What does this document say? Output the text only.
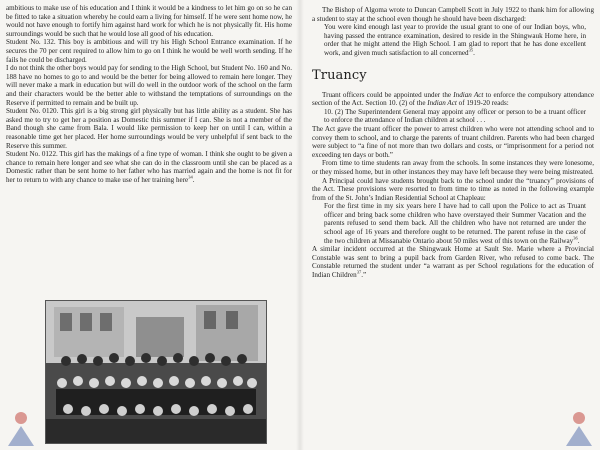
ambitious to make use of his education and I think it would be a kindness to let him go on so he can be fitted to take a situation whereby he could earn a living for himself. If he were sent home now, he would not have enough to fortify him against hard work for which he is not physically fit. His home surroundings would be such that he would lose all good of his education.

Student No. 132. This boy is ambitious and will try his High School Entrance examination. If he secures the 70 per cent required to allow him to go on I think he would be well worth sending. If he fails he could be discharged.

I do not think the other boys would pay for sending to the High School, but Student No. 160 and No. 188 have no homes to go to and would be the better for being allowed to remain here longer. They will never make a mark in education but will do well in the outdoor work of the school on the farm and their characters would be the better able to withstand the temptations of surroundings on the Reserve if permitted to remain and be built up.

Student No. 0120. This girl is a big strong girl physically but has little ability as a student. She has asked me to try to get her a position as Domestic this summer if I can. She is not a member of the Band though she came from Bala. I would like permission to keep her on until I can, within a reasonable time get her placed. Her home surroundings would be very unhelpful if sent back to the Reserve this summer.

Student No. 0122. This girl has the makings of a fine type of woman. I think she ought to be given a chance to remain here longer and see what she can do in the classroom until she can be placed as a Domestic rather than be sent home to her father who has married again and the home is not fit for her to return to with any chance to make use of her training here$^{34}$.

The Bishop of Algoma wrote to Duncan Campbell Scott in July 1922 to thank him for allowing a student to stay at the school even though he should have been discharged:

You were kind enough last year to provide the usual grant to one of our Indian boys, who, having passed the entrance examination, desired to reside in the Shingwauk Home here, in order that he might attend the High School. I am glad to report that he has done excellent work, and given much satisfaction to all concerned$^{35}$.

Truancy

Truant officers could be appointed under the Indian Act to enforce the compulsory attendance section of the Act. Section 10. (2) of the Indian Act of 1919-20 reads:

10. (2) The Superintendent General may appoint any officer or person to be a truant officer to enforce the attendance of Indian children at school . . .

The Act gave the truant officer the power to arrest children who were not attending school and to convey them to school, and to charge the parents of truant children. Parents who had been charged were subject to “a fine of not more than two dollars and costs, or “imprisonment for a period not exceeding ten days or both.”

From time to time students ran away from the schools. In some instances they were lonesome, or they missed home, but in other instances they may have left because they were being mistreated.

A Principal could have students brought back to the school under the “truancy” provisions of the Act. These provisions were resorted to from time to time as noted in the following example from of the St. John’s Indian Residential School at Chapleau:

For the first time in my six years here I have had to call upon the Police to act as Truant officer and bring back some children who have overstayed their Summer Vacation and the parents refused to send them back. All the children who have not returned are under the school age of 16 years and therefore ought to be returned. The parent refuse in the case of the two children at Missanabie Ontario about 50 miles west of this town on the Railway$^{36}$.

A similar incident occurred at the Shingwauk Home at Sault Ste. Marie where a Provincial Constable was sent to bring a pupil back from Garden River, who refused to come back. The Constable returned the student under “a warrant as per School regulations for the education of Indian Children$^{37}$.”
